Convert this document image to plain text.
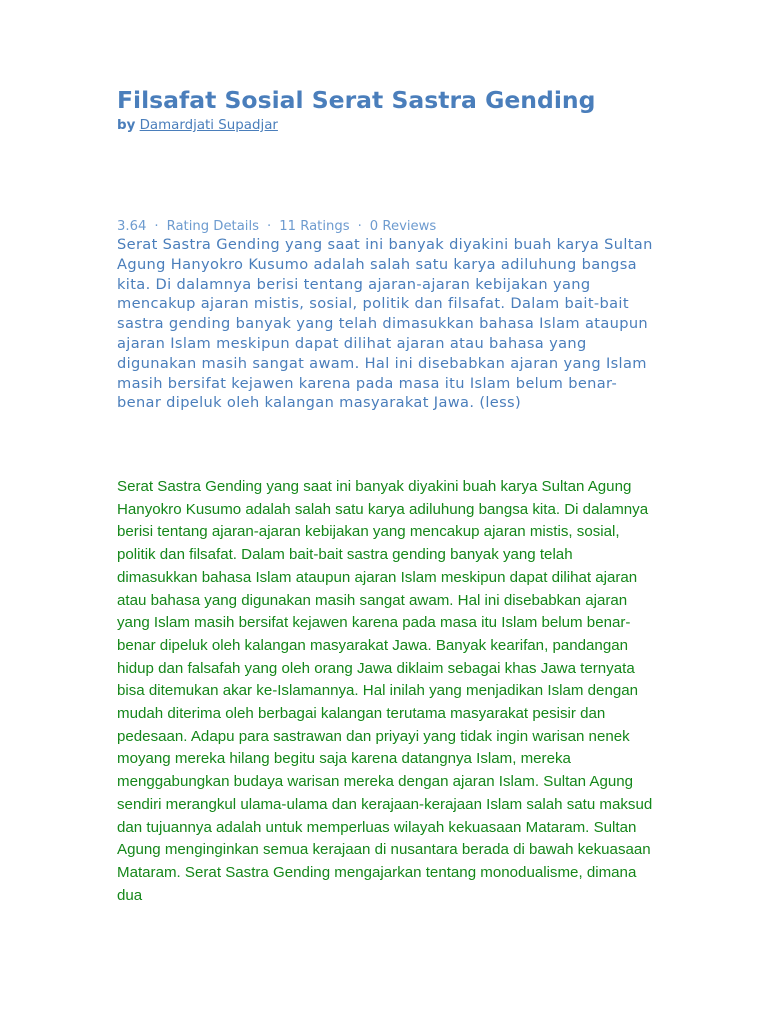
Filsafat Sosial Serat Sastra Gending
by Damardjati Supadjar
3.64 · Rating Details · 11 Ratings · 0 Reviews

Serat Sastra Gending yang saat ini banyak diyakini buah karya Sultan Agung Hanyokro Kusumo adalah salah satu karya adiluhung bangsa kita. Di dalamnya berisi tentang ajaran-ajaran kebijakan yang mencakup ajaran mistis, sosial, politik dan filsafat. Dalam bait-bait sastra gending banyak yang telah dimasukkan bahasa Islam ataupun ajaran Islam meskipun dapat dilihat ajaran atau bahasa yang digunakan masih sangat awam. Hal ini disebabkan ajaran yang Islam masih bersifat kejawen karena pada masa itu Islam belum benar-benar dipeluk oleh kalangan masyarakat Jawa. (less)

Serat Sastra Gending yang saat ini banyak diyakini buah karya Sultan Agung Hanyokro Kusumo adalah salah satu karya adiluhung bangsa kita. Di dalamnya berisi tentang ajaran-ajaran kebijakan yang mencakup ajaran mistis, sosial, politik dan filsafat. Dalam bait-bait sastra gending banyak yang telah dimasukkan bahasa Islam ataupun ajaran Islam meskipun dapat dilihat ajaran atau bahasa yang digunakan masih sangat awam. Hal ini disebabkan ajaran yang Islam masih bersifat kejawen karena pada masa itu Islam belum benar-benar dipeluk oleh kalangan masyarakat Jawa. Banyak kearifan, pandangan hidup dan falsafah yang oleh orang Jawa diklaim sebagai khas Jawa ternyata bisa ditemukan akar ke-Islamannya. Hal inilah yang menjadikan Islam dengan mudah diterima oleh berbagai kalangan terutama masyarakat pesisir dan pedesaan. Adapu para sastrawan dan priyayi yang tidak ingin warisan nenek moyang mereka hilang begitu saja karena datangnya Islam, mereka menggabungkan budaya warisan mereka dengan ajaran Islam. Sultan Agung sendiri merangkul ulama-ulama dan kerajaan-kerajaan Islam salah satu maksud dan tujuannya adalah untuk memperluas wilayah kekuasaan Mataram. Sultan Agung menginginkan semua kerajaan di nusantara berada di bawah kekuasaan Mataram. Serat Sastra Gending mengajarkan tentang monodualisme, dimana dua
